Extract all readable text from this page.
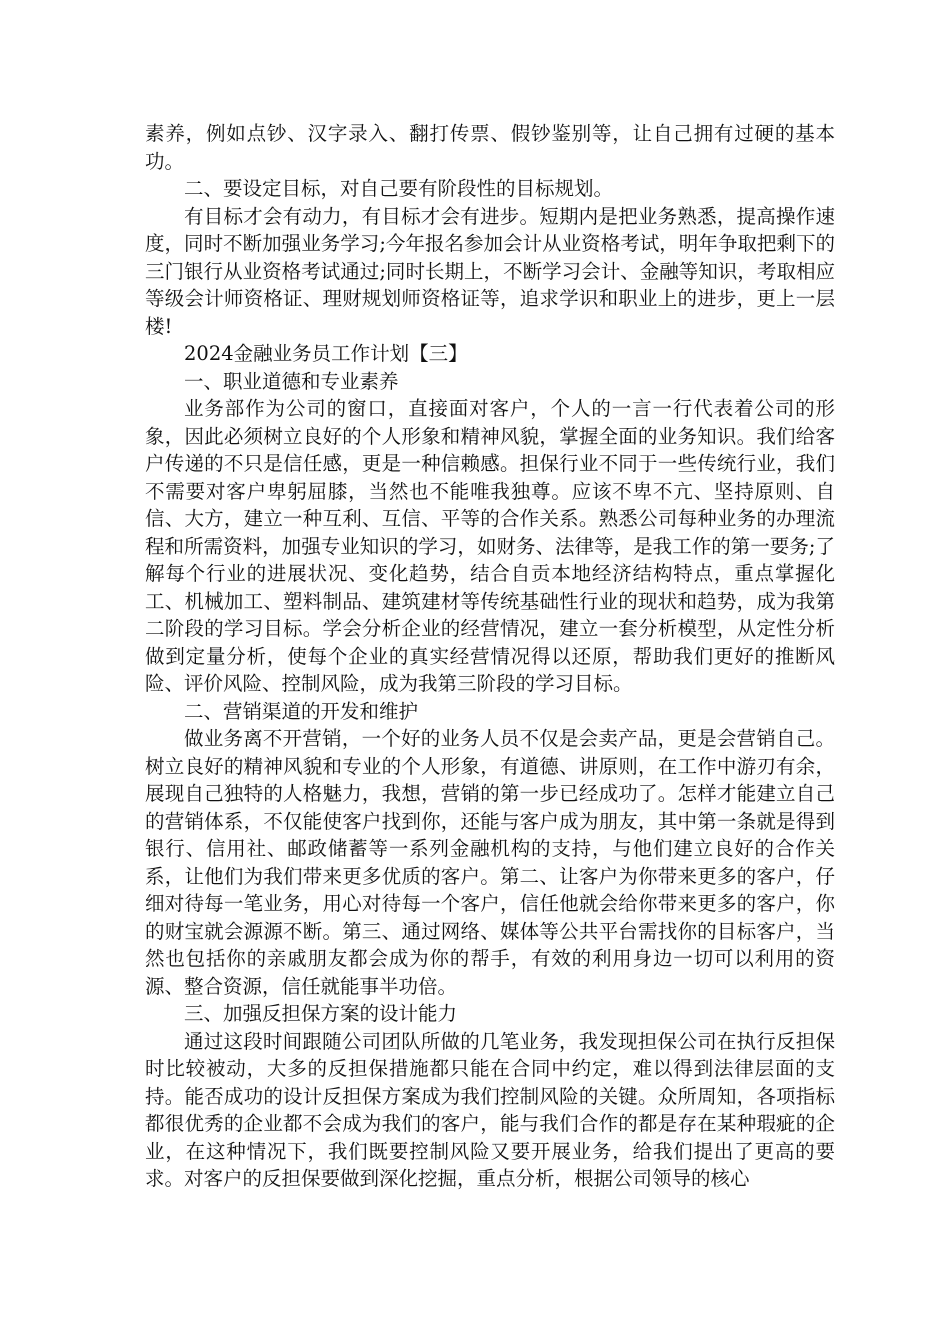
素养，例如点钞、汉字录入、翻打传票、假钞鉴别等，让自己拥有过硬的基本功。

二、要设定目标，对自己要有阶段性的目标规划。

有目标才会有动力，有目标才会有进步。短期内是把业务熟悉，提高操作速度，同时不断加强业务学习;今年报名参加会计从业资格考试，明年争取把剩下的三门银行从业资格考试通过;同时长期上，不断学习会计、金融等知识，考取相应等级会计师资格证、理财规划师资格证等，追求学识和职业上的进步，更上一层楼!

2024金融业务员工作计划【三】

一、职业道德和专业素养

业务部作为公司的窗口，直接面对客户，个人的一言一行代表着公司的形象，因此必须树立良好的个人形象和精神风貌，掌握全面的业务知识。我们给客户传递的不只是信任感，更是一种信赖感。担保行业不同于一些传统行业，我们不需要对客户卑躬屈膝，当然也不能唯我独尊。应该不卑不亢、坚持原则、自信、大方，建立一种互利、互信、平等的合作关系。熟悉公司每种业务的办理流程和所需资料，加强专业知识的学习，如财务、法律等，是我工作的第一要务;了解每个行业的进展状况、变化趋势，结合自贡本地经济结构特点，重点掌握化工、机械加工、塑料制品、建筑建材等传统基础性行业的现状和趋势，成为我第二阶段的学习目标。学会分析企业的经营情况，建立一套分析模型，从定性分析做到定量分析，使每个企业的真实经营情况得以还原，帮助我们更好的推断风险、评价风险、控制风险，成为我第三阶段的学习目标。

二、营销渠道的开发和维护

做业务离不开营销，一个好的业务人员不仅是会卖产品，更是会营销自己。树立良好的精神风貌和专业的个人形象，有道德、讲原则，在工作中游刃有余，展现自己独特的人格魅力，我想，营销的第一步已经成功了。怎样才能建立自己的营销体系，不仅能使客户找到你，还能与客户成为朋友，其中第一条就是得到银行、信用社、邮政储蓄等一系列金融机构的支持，与他们建立良好的合作关系，让他们为我们带来更多优质的客户。第二、让客户为你带来更多的客户，仔细对待每一笔业务，用心对待每一个客户，信任他就会给你带来更多的客户，你的财宝就会源源不断。第三、通过网络、媒体等公共平台需找你的目标客户，当然也包括你的亲戚朋友都会成为你的帮手，有效的利用身边一切可以利用的资源、整合资源，信任就能事半功倍。

三、加强反担保方案的设计能力

通过这段时间跟随公司团队所做的几笔业务，我发现担保公司在执行反担保时比较被动，大多的反担保措施都只能在合同中约定，难以得到法律层面的支持。能否成功的设计反担保方案成为我们控制风险的关键。众所周知，各项指标都很优秀的企业都不会成为我们的客户，能与我们合作的都是存在某种瑕疵的企业，在这种情况下，我们既要控制风险又要开展业务，给我们提出了更高的要求。对客户的反担保要做到深化挖掘，重点分析，根据公司领导的核心
